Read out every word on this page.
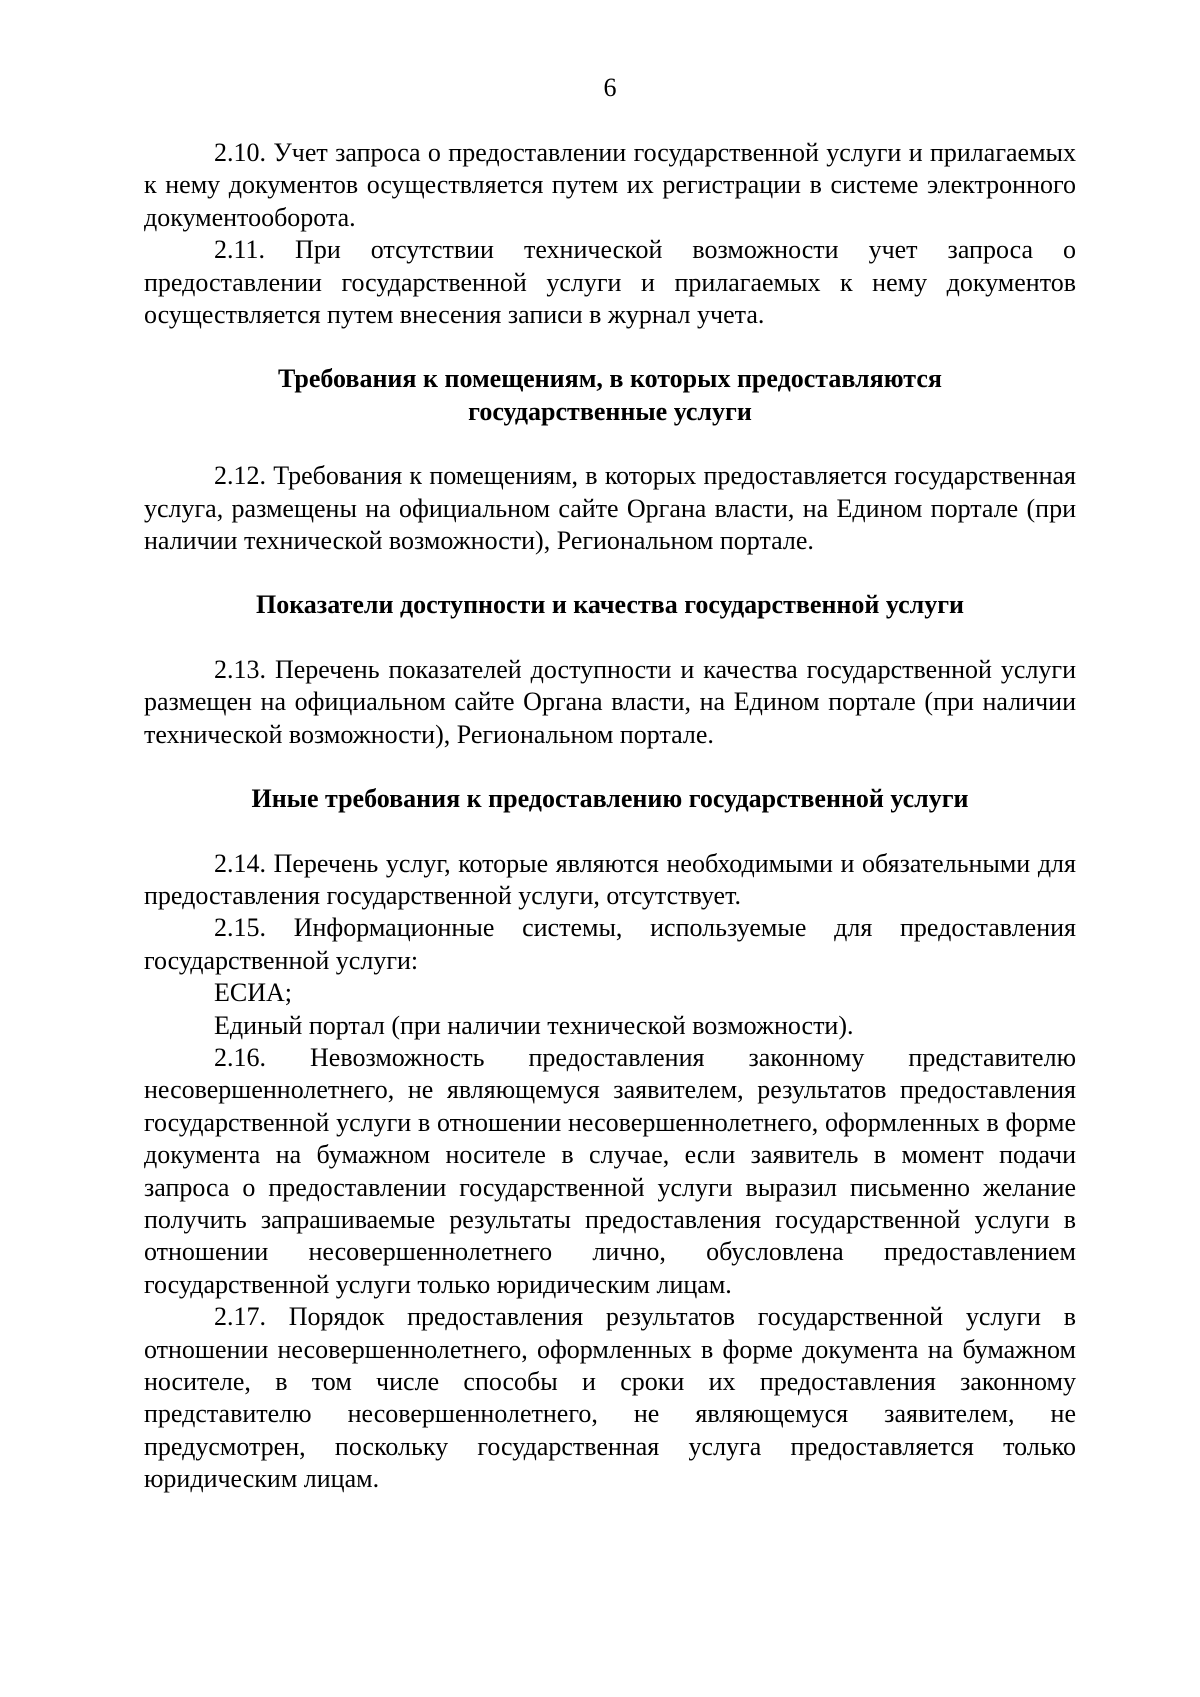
6

2.10. Учет запроса о предоставлении государственной услуги и прилагаемых к нему документов осуществляется путем их регистрации в системе электронного документооборота.

2.11. При отсутствии технической возможности учет запроса о предоставлении государственной услуги и прилагаемых к нему документов осуществляется путем внесения записи в журнал учета.

Требования к помещениям, в которых предоставляются государственные услуги

2.12. Требования к помещениям, в которых предоставляется государственная услуга, размещены на официальном сайте Органа власти, на Едином портале (при наличии технической возможности), Региональном портале.

Показатели доступности и качества государственной услуги

2.13. Перечень показателей доступности и качества государственной услуги размещен на официальном сайте Органа власти, на Едином портале (при наличии технической возможности), Региональном портале.

Иные требования к предоставлению государственной услуги

2.14. Перечень услуг, которые являются необходимыми и обязательными для предоставления государственной услуги, отсутствует.

2.15. Информационные системы, используемые для предоставления государственной услуги:

ЕСИА;

Единый портал (при наличии технической возможности).

2.16. Невозможность предоставления законному представителю несовершеннолетнего, не являющемуся заявителем, результатов предоставления государственной услуги в отношении несовершеннолетнего, оформленных в форме документа на бумажном носителе в случае, если заявитель в момент подачи запроса о предоставлении государственной услуги выразил письменно желание получить запрашиваемые результаты предоставления государственной услуги в отношении несовершеннолетнего лично, обусловлена предоставлением государственной услуги только юридическим лицам.

2.17. Порядок предоставления результатов государственной услуги в отношении несовершеннолетнего, оформленных в форме документа на бумажном носителе, в том числе способы и сроки их предоставления законному представителю несовершеннолетнего, не являющемуся заявителем, не предусмотрен, поскольку государственная услуга предоставляется только юридическим лицам.
